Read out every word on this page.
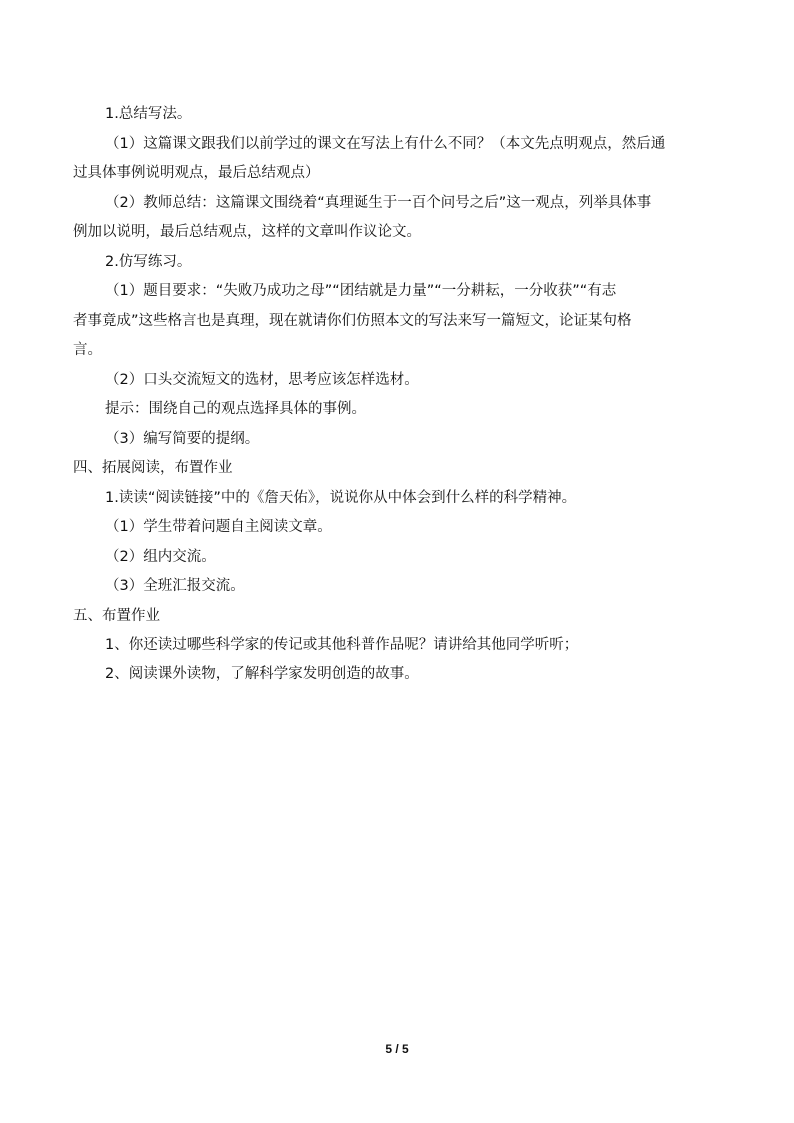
1.总结写法。
（1）这篇课文跟我们以前学过的课文在写法上有什么不同？（本文先点明观点，然后通
过具体事例说明观点，最后总结观点）
（2）教师总结：这篇课文围绕着“真理诞生于一百个问号之后”这一观点，列举具体事
例加以说明，最后总结观点，这样的文章叫作议论文。
2.仿写练习。
（1）题目要求：“失败乃成功之母”“团结就是力量”“一分耕耘，一分收获”“有志
者事竟成”这些格言也是真理，现在就请你们仿照本文的写法来写一篇短文，论证某句格
言。
（2）口头交流短文的选材，思考应该怎样选材。
提示：围绕自己的观点选择具体的事例。
（3）编写简要的提纲。
四、拓展阅读，布置作业
1.读读“阅读链接”中的《詹天佑》，说说你从中体会到什么样的科学精神。
（1）学生带着问题自主阅读文章。
（2）组内交流。
（3）全班汇报交流。
五、布置作业
1、你还读过哪些科学家的传记或其他科普作品呢？请讲给其他同学听听；
2、阅读课外读物，了解科学家发明创造的故事。
5 / 5
